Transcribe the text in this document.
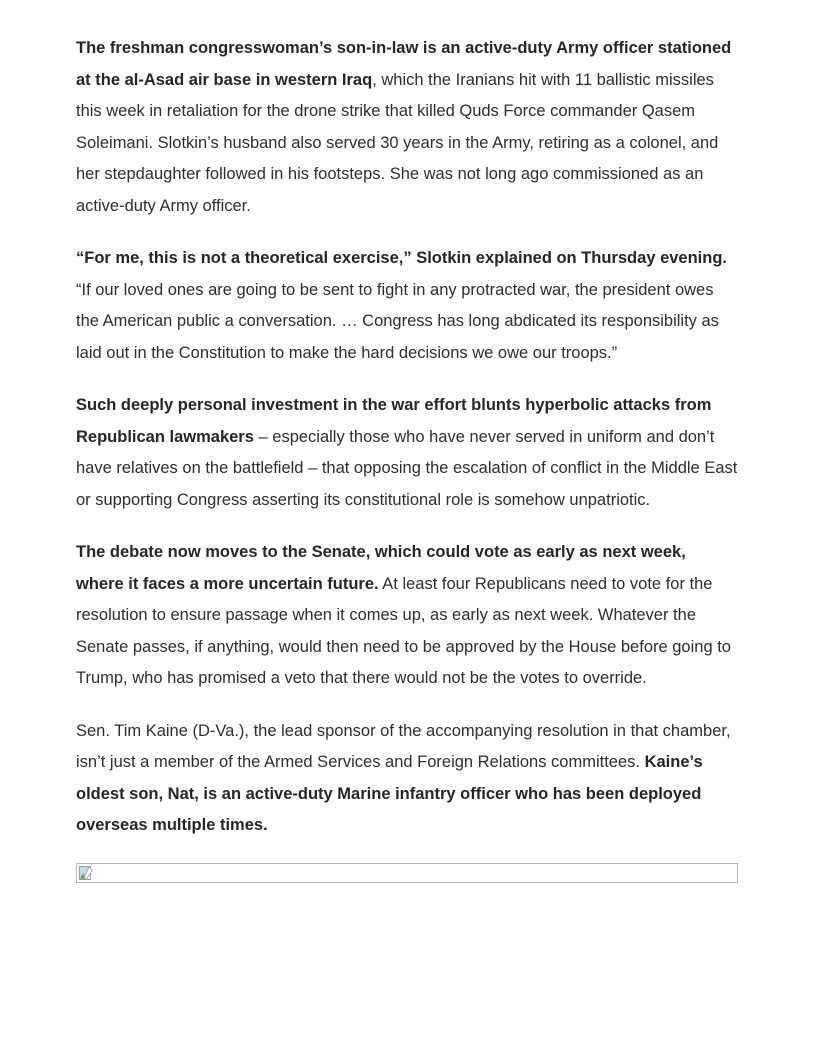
The freshman congresswoman’s son-in-law is an active-duty Army officer stationed at the al-Asad air base in western Iraq, which the Iranians hit with 11 ballistic missiles this week in retaliation for the drone strike that killed Quds Force commander Qasem Soleimani. Slotkin’s husband also served 30 years in the Army, retiring as a colonel, and her stepdaughter followed in his footsteps. She was not long ago commissioned as an active-duty Army officer.

“For me, this is not a theoretical exercise,” Slotkin explained on Thursday evening. “If our loved ones are going to be sent to fight in any protracted war, the president owes the American public a conversation. … Congress has long abdicated its responsibility as laid out in the Constitution to make the hard decisions we owe our troops.”

Such deeply personal investment in the war effort blunts hyperbolic attacks from Republican lawmakers – especially those who have never served in uniform and don’t have relatives on the battlefield – that opposing the escalation of conflict in the Middle East or supporting Congress asserting its constitutional role is somehow unpatriotic.

The debate now moves to the Senate, which could vote as early as next week, where it faces a more uncertain future. At least four Republicans need to vote for the resolution to ensure passage when it comes up, as early as next week. Whatever the Senate passes, if anything, would then need to be approved by the House before going to Trump, who has promised a veto that there would not be the votes to override.

Sen. Tim Kaine (D-Va.), the lead sponsor of the accompanying resolution in that chamber, isn’t just a member of the Armed Services and Foreign Relations committees. Kaine’s oldest son, Nat, is an active-duty Marine infantry officer who has been deployed overseas multiple times.
